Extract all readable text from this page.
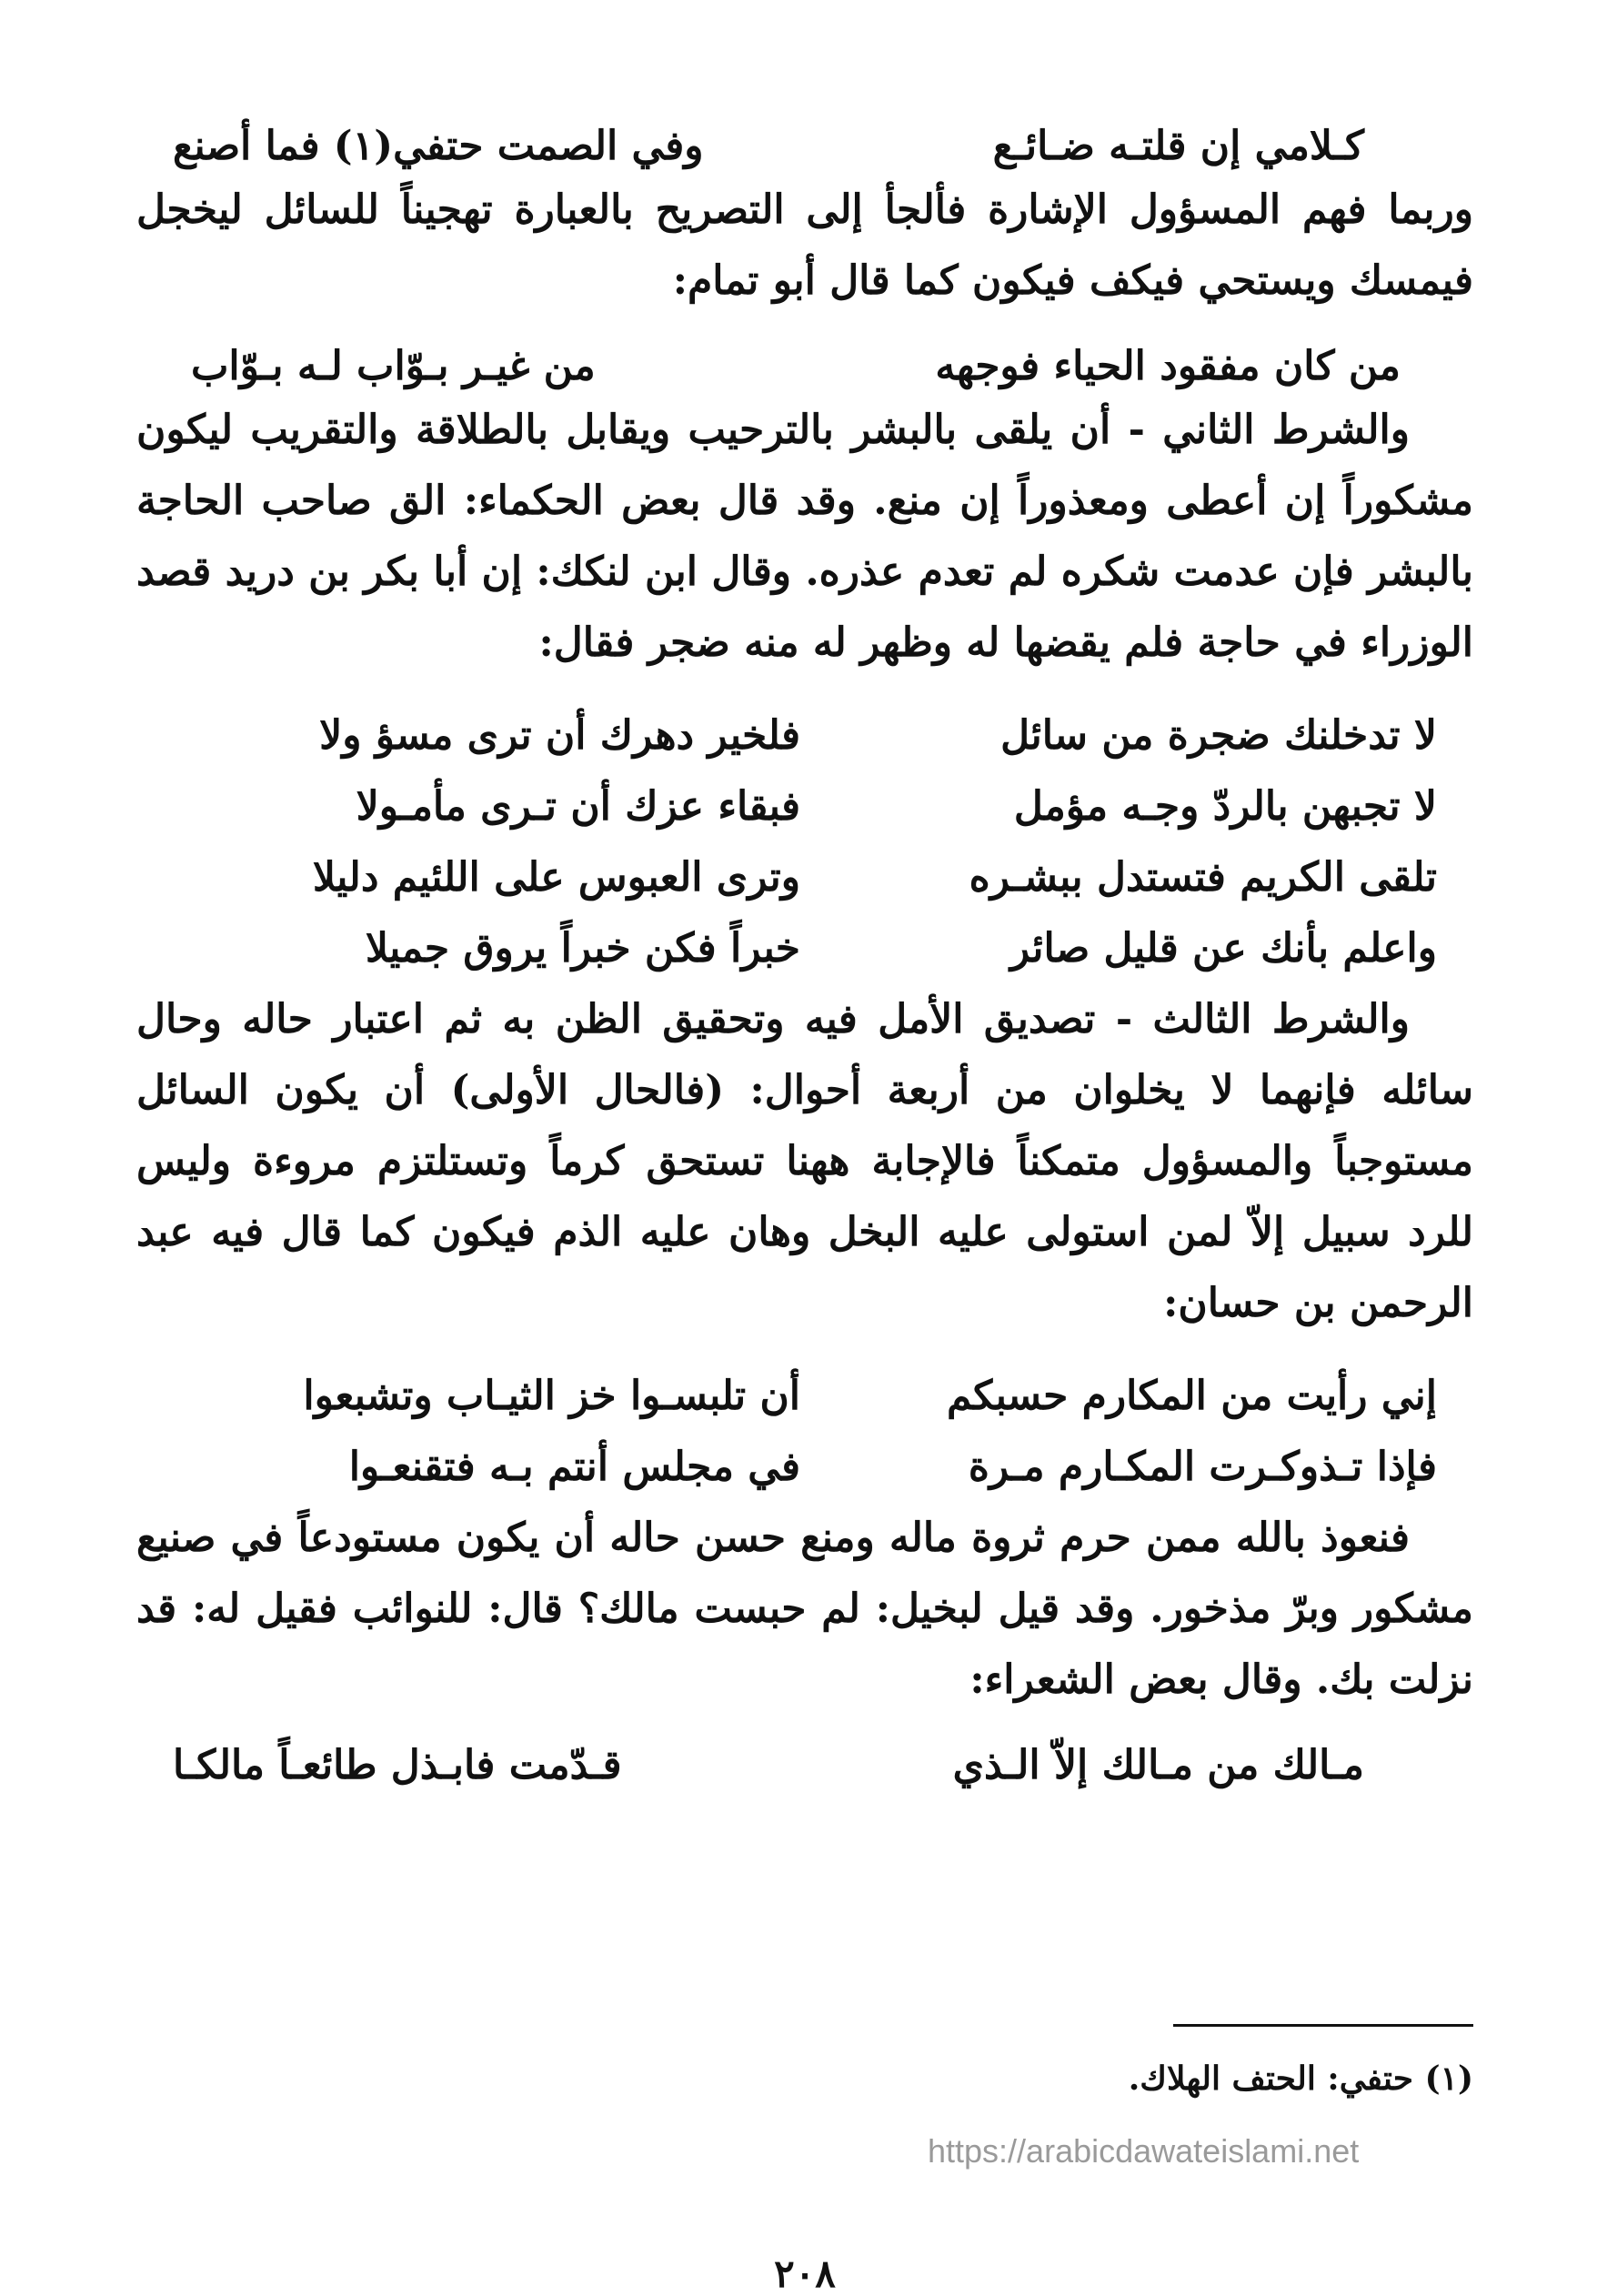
كـلامي إن قلتـه ضـائـع
وفي الصمت حتفي(١) فما أصنع

وربما فهم المسؤول الإشارة فألجأ إلى التصريح بالعبارة تهجيناً للسائل ليخجل فيمسك ويستحي فيكف فيكون كما قال أبو تمام:

من كان مفقود الحياء فوجهه
من غيـر بـوّاب لـه بـوّاب

والشرط الثاني - أن يلقى بالبشر بالترحيب ويقابل بالطلاقة والتقريب ليكون مشكوراً إن أعطى ومعذوراً إن منع. وقد قال بعض الحكماء: الق صاحب الحاجة بالبشر فإن عدمت شكره لم تعدم عذره. وقال ابن لنكك: إن أبا بكر بن دريد قصد الوزراء في حاجة فلم يقضها له وظهر له منه ضجر فقال:

لا تدخلنك ضجرة من سائل
فلخير دهرك أن ترى مسؤ ولا
لا تجبهن بالردّ وجـه مؤمل
فبقاء عزك أن تـرى مأمـولا
تلقى الكريم فتستدل ببشـره
وترى العبوس على اللئيم دليلا
واعلم بأنك عن قليل صائر
خبراً فكن خبراً يروق جميلا

والشرط الثالث - تصديق الأمل فيه وتحقيق الظن به ثم اعتبار حاله وحال سائله فإنهما لا يخلوان من أربعة أحوال: (فالحال الأولى) أن يكون السائل مستوجباً والمسؤول متمكناً فالإجابة ههنا تستحق كرماً وتستلتزم مروءة وليس للرد سبيل إلاّ لمن استولى عليه البخل وهان عليه الذم فيكون كما قال فيه عبد الرحمن بن حسان:

إني رأيت من المكارم حسبكم
أن تلبسـوا خز الثيـاب وتشبعوا
فإذا تـذوكـرت المكـارم مـرة
في مجلس أنتم بـه فتقنعـوا

فنعوذ بالله ممن حرم ثروة ماله ومنع حسن حاله أن يكون مستودعاً في صنيع مشكور وبرّ مذخور. وقد قيل لبخيل: لم حبست مالك؟ قال: للنوائب فقيل له: قد نزلت بك. وقال بعض الشعراء:

مـالك من مـالك إلاّ الـذي
قـدّمت فابـذل طائعـاً مالكـا
(١) حتفي: الحتف الهلاك.
٢٠٨
https://arabicdawateislami.net
